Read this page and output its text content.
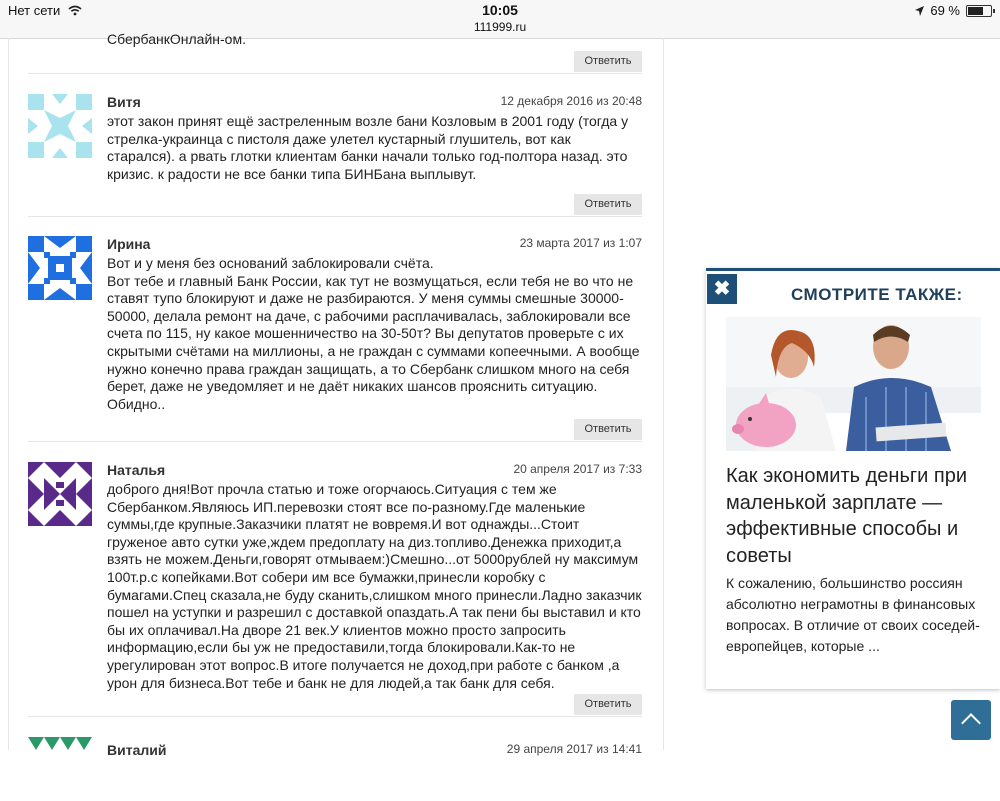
Нет сети	10:05
111999.ru
69 %
СбербанкОнлайн-ом.
Ответить
Витя	12 декабря 2016 из 20:48
этот закон принят ещё застреленным возле бани Козловым в 2001 году (тогда у стрелка-украинца с пистоля даже улетел кустарный глушитель, вот как старался). а рвать глотки клиентам банки начали только год-полтора назад. это кризис. к радости не все банки типа БИНБана выплывут.
Ответить
Ирина	23 марта 2017 из 1:07
Вот и у меня без оснований заблокировали счёта.
Вот тебе и главный Банк России, как тут не возмущаться, если тебя не во что не ставят тупо блокируют и даже не разбираются. У меня суммы смешные 30000-50000, делала ремонт на даче, с рабочими расплачивалась, заблокировали все счета по 115, ну какое мошенничество на 30-50т? Вы депутатов проверьте с их скрытыми счётами на миллионы, а не граждан с суммами копеечными. А вообще нужно конечно права граждан защищать, а то Сбербанк слишком много на себя берет, даже не уведомляет и не даёт никаких шансов прояснить ситуацию. Обидно..
Ответить
Наталья	20 апреля 2017 из 7:33
доброго дня!Вот прочла статью и тоже огорчаюсь.Ситуация с тем же Сбербанком.Являюсь ИП.перевозки стоят все по-разному.Где маленькие суммы,где крупные.Заказчики платят не вовремя.И вот однажды...Стоит груженое авто сутки уже,ждем предоплату на диз.топливо.Денежка приходит,а взять не можем.Деньги,говорят отмываем:)Смешно...от 5000рублей ну максимум 100т.р.с копейками.Вот собери им все бумажки,принесли коробку с бумагами.Спец сказала,не буду сканить,слишком много принесли.Ладно заказчик пошел на уступки и разрешил с доставкой опаздать.А так пени бы выставил и кто бы их оплачивал.На дворе 21 век.У клиентов можно просто запросить информацию,если бы уж не предоставили,тогда блокировали.Как-то не урегулирован этот вопрос.В итоге получается не доход,при работе с банком ,а урон для бизнеса.Вот тебе и банк не для людей,а так банк для себя.
Ответить
Виталий	29 апреля 2017 из 14:41
✖	СМОТРИТЕ ТАКЖЕ:
Как экономить деньги при маленькой зарплате — эффективные способы и советы
К сожалению, большинство россиян абсолютно неграмотны в финансовых вопросах. В отличие от своих соседей-европейцев, которые ...
